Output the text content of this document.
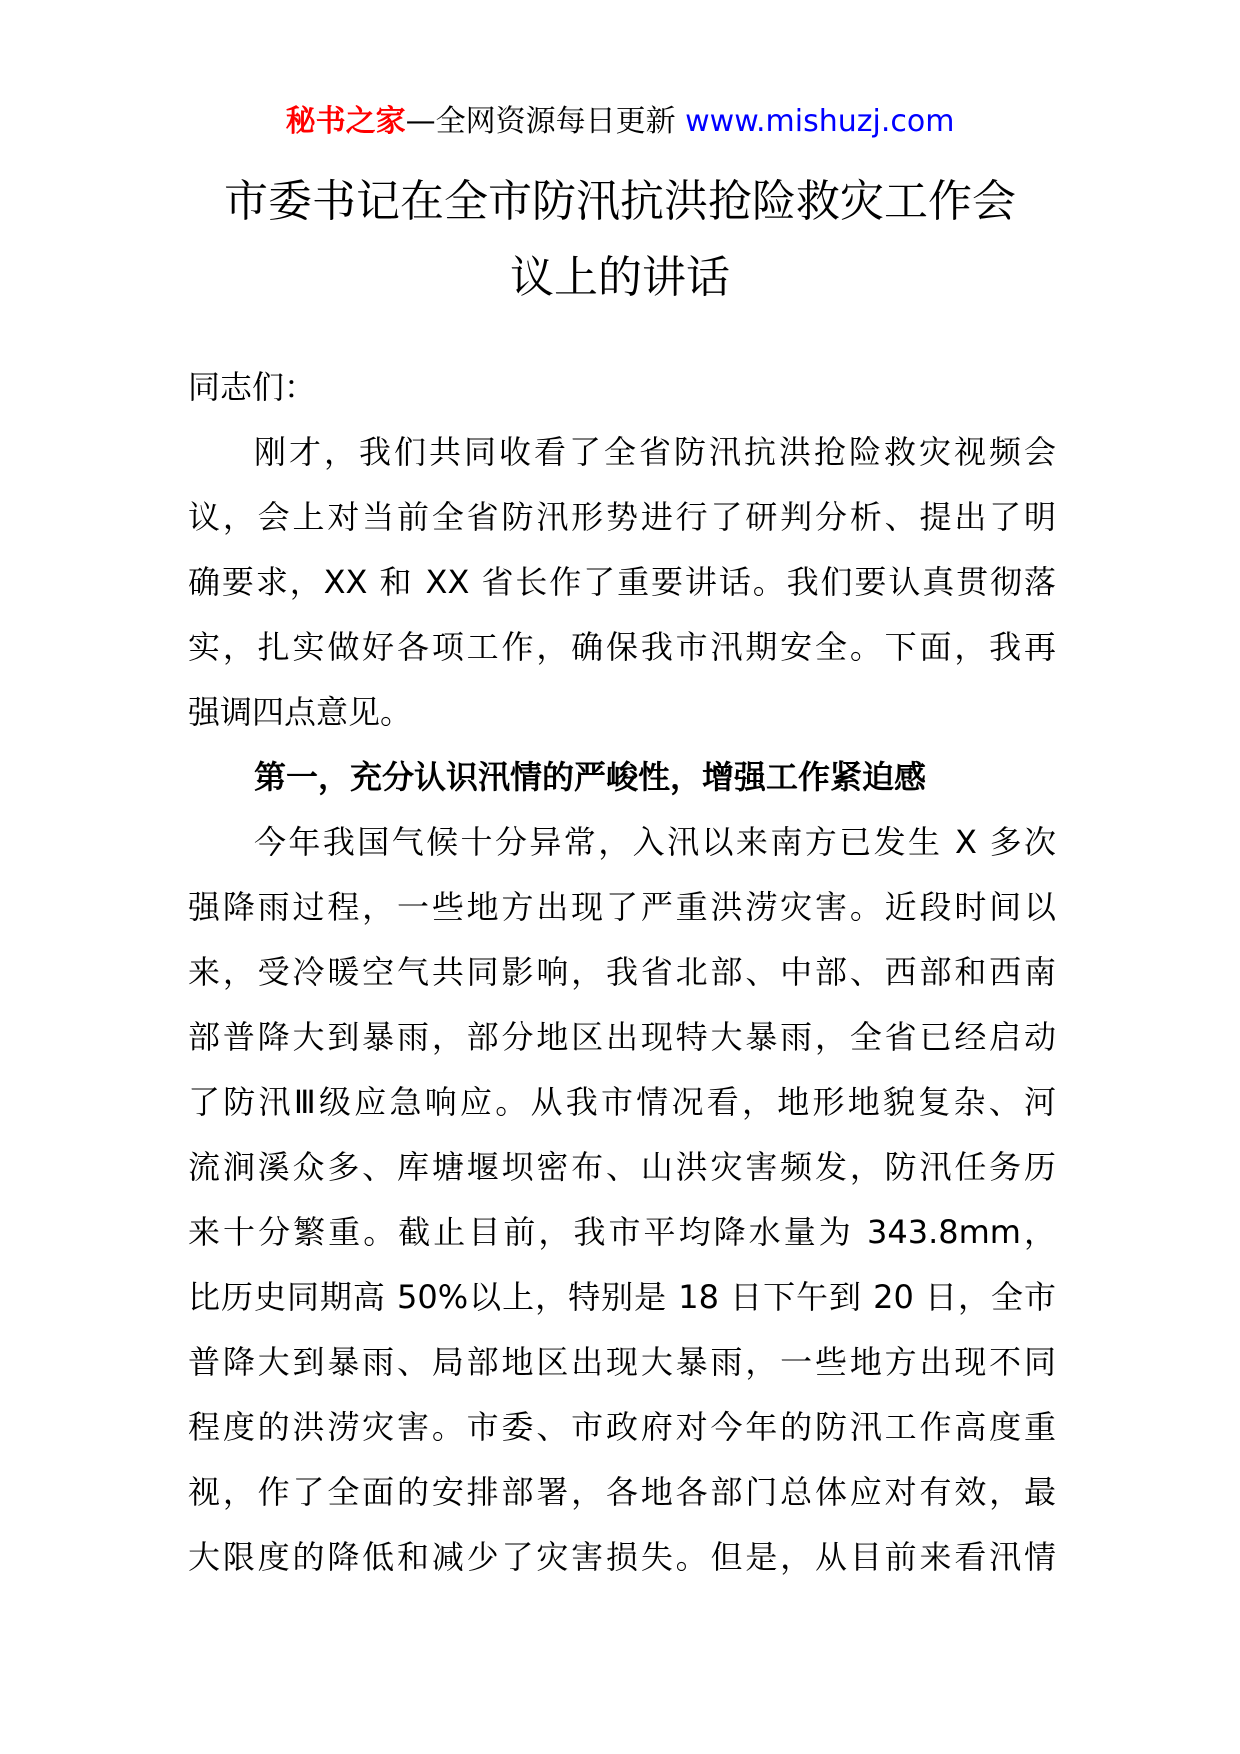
秘书之家—全网资源每日更新 www.mishuzj.com
市委书记在全市防汛抗洪抢险救灾工作会
议上的讲话
同志们：
刚才，我们共同收看了全省防汛抗洪抢险救灾视频会
议，会上对当前全省防汛形势进行了研判分析、提出了明
确要求，XX 和 XX 省长作了重要讲话。我们要认真贯彻落
实，扎实做好各项工作，确保我市汛期安全。下面，我再
强调四点意见。
第一，充分认识汛情的严峻性，增强工作紧迫感
今年我国气候十分异常，入汛以来南方已发生 X 多次
强降雨过程，一些地方出现了严重洪涝灾害。近段时间以
来，受冷暖空气共同影响，我省北部、中部、西部和西南
部普降大到暴雨，部分地区出现特大暴雨，全省已经启动
了防汛Ⅲ级应急响应。从我市情况看，地形地貌复杂、河
流涧溪众多、库塘堰坝密布、山洪灾害频发，防汛任务历
来十分繁重。截止目前，我市平均降水量为 343.8mm，
比历史同期高 50%以上，特别是 18 日下午到 20 日，全市
普降大到暴雨、局部地区出现大暴雨，一些地方出现不同
程度的洪涝灾害。市委、市政府对今年的防汛工作高度重
视，作了全面的安排部署，各地各部门总体应对有效，最
大限度的降低和减少了灾害损失。但是，从目前来看汛情
